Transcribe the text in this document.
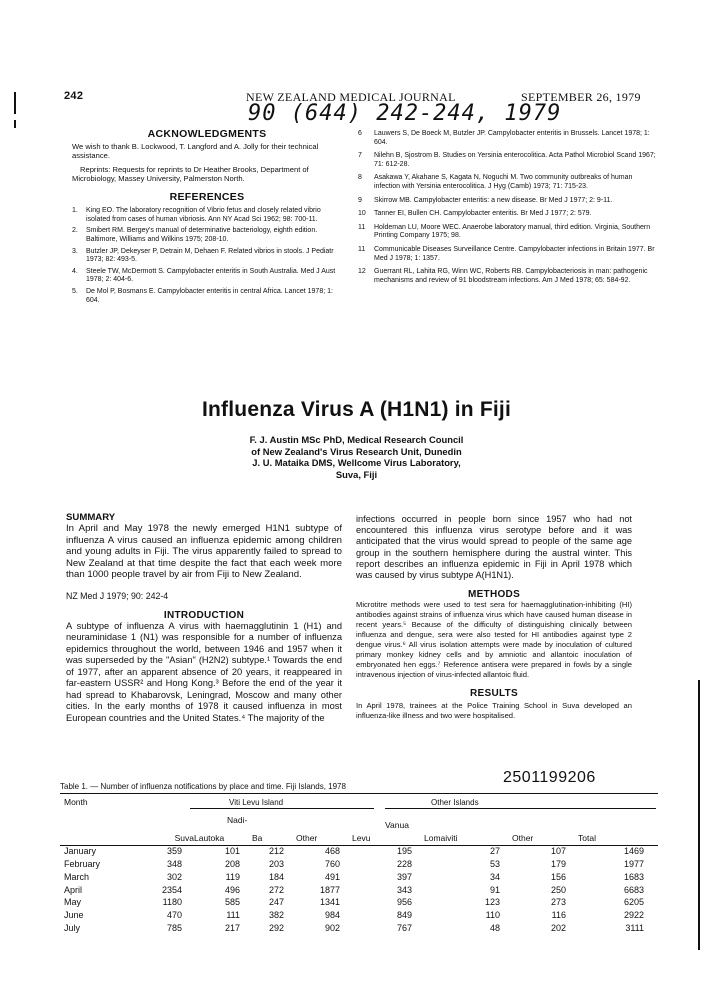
242	NEW ZEALAND MEDICAL JOURNAL	SEPTEMBER 26, 1979
90 (644) 242-244, 1979
ACKNOWLEDGMENTS
We wish to thank B. Lockwood, T. Langford and A. Jolly for their technical assistance.
Reprints: Requests for reprints to Dr Heather Brooks, Department of Microbiology, Massey University, Palmerston North.
REFERENCES
1. King EO. The laboratory recognition of Vibrio fetus and closely related vibrio isolated from cases of human vibriosis. Ann NY Acad Sci 1962; 98: 700-11.
2. Smibert RM. Bergey's manual of determinative bacteriology, eighth edition. Baltimore, Williams and Wilkins 1975; 208-10.
3. Butzler JP, Dekeyser P, Detrain M, Dehaen F. Related vibrios in stools. J Pediatr 1973; 82: 493-5.
4. Steele TW, McDermott S. Campylobacter enteritis in South Australia. Med J Aust 1978; 2: 404-6.
5. De Mol P, Bosmans E. Campylobacter enteritis in central Africa. Lancet 1978; 1: 604.
6 Lauwers S, De Boeck M, Butzler JP. Campylobacter enteritis in Brussels. Lancet 1978; 1: 604.
7 Nilehn B, Sjostrom B. Studies on Yersinia enterocolitica. Acta Pathol Microbiol Scand 1967; 71: 612-28.
8 Asakawa Y, Akahane S, Kagata N, Noguchi M. Two community outbreaks of human infection with Yersinia enterocolitica. J Hyg (Camb) 1973; 71: 715-23.
9 Skirrow MB. Campylobacter enteritis: a new disease. Br Med J 1977; 2: 9-11.
10 Tanner EI, Bullen CH. Campylobacter enteritis. Br Med J 1977; 2: 579.
11 Holdeman LU, Moore WEC. Anaerobe laboratory manual, third edition. Virginia, Southern Printing Company 1975; 98.
11 Communicable Diseases Surveillance Centre. Campylobacter infections in Britain 1977. Br Med J 1978; 1: 1357.
12 Guerrant RL, Lahita RG, Winn WC, Roberts RB. Campylobacteriosis in man: pathogenic mechanisms and review of 91 bloodstream infections. Am J Med 1978; 65: 584-92.
Influenza Virus A (H1N1) in Fiji
F. J. Austin MSc PhD, Medical Research Council
of New Zealand's Virus Research Unit, Dunedin
J. U. Mataika DMS, Wellcome Virus Laboratory,
Suva, Fiji
SUMMARY
In April and May 1978 the newly emerged H1N1 subtype of influenza A virus caused an influenza epidemic among children and young adults in Fiji. The virus apparently failed to spread to New Zealand at that time despite the fact that each week more than 1000 people travel by air from Fiji to New Zealand.
NZ Med J 1979; 90: 242-4
INTRODUCTION
A subtype of influenza A virus with haemagglutinin 1 (H1) and neuraminidase 1 (N1) was responsible for a number of influenza epidemics throughout the world, between 1946 and 1957 when it was superseded by the "Asian" (H2N2) subtype.¹ Towards the end of 1977, after an apparent absence of 20 years, it reappeared in far-eastern USSR² and Hong Kong.³ Before the end of the year it had spread to Khabarovsk, Leningrad, Moscow and many other cities. In the early months of 1978 it caused influenza in most European countries and the United States.⁴ The majority of the
infections occurred in people born since 1957 who had not encountered this influenza virus serotype before and it was anticipated that the virus would spread to people of the same age group in the southern hemisphere during the austral winter. This report describes an influenza epidemic in Fiji in April 1978 which was caused by virus subtype A(H1N1).
METHODS
Microtitre methods were used to test sera for haemagglutination-inhibiting (HI) antibodies against strains of influenza virus which have caused human disease in recent years.⁵ Because of the difficulty of distinguishing clinically between influenza and dengue, sera were also tested for HI antibodies against type 2 dengue virus.⁶ All virus isolation attempts were made by inoculation of cultured primary monkey kidney cells and by amniotic and allantoic inoculation of embryonated hen eggs.⁷ Reference antisera were prepared in fowls by a single intravenous injection of virus-infected allantoic fluid.
RESULTS
In April 1978, trainees at the Police Training School in Suva developed an influenza-like illness and two were hospitalised.
2501199206
Table 1. — Number of influenza notifications by place and time. Fiji Islands, 1978
Month	Viti Levu Island	Other Islands
Nadi-	Vanua
	Suva	Lautoka	Ba	Other	Levu	Lomaiviti	Other	Total
January	359	101	212	468	195	27	107	1469
February	348	208	203	760	228	53	179	1977
March	302	119	184	491	397	34	156	1683
April	2354	496	272	1877	343	91	250	6683
May	1180	585	247	1341	956	123	273	6205
June	470	111	382	984	849	110	116	2922
July	785	217	292	902	767	48	202	3111
